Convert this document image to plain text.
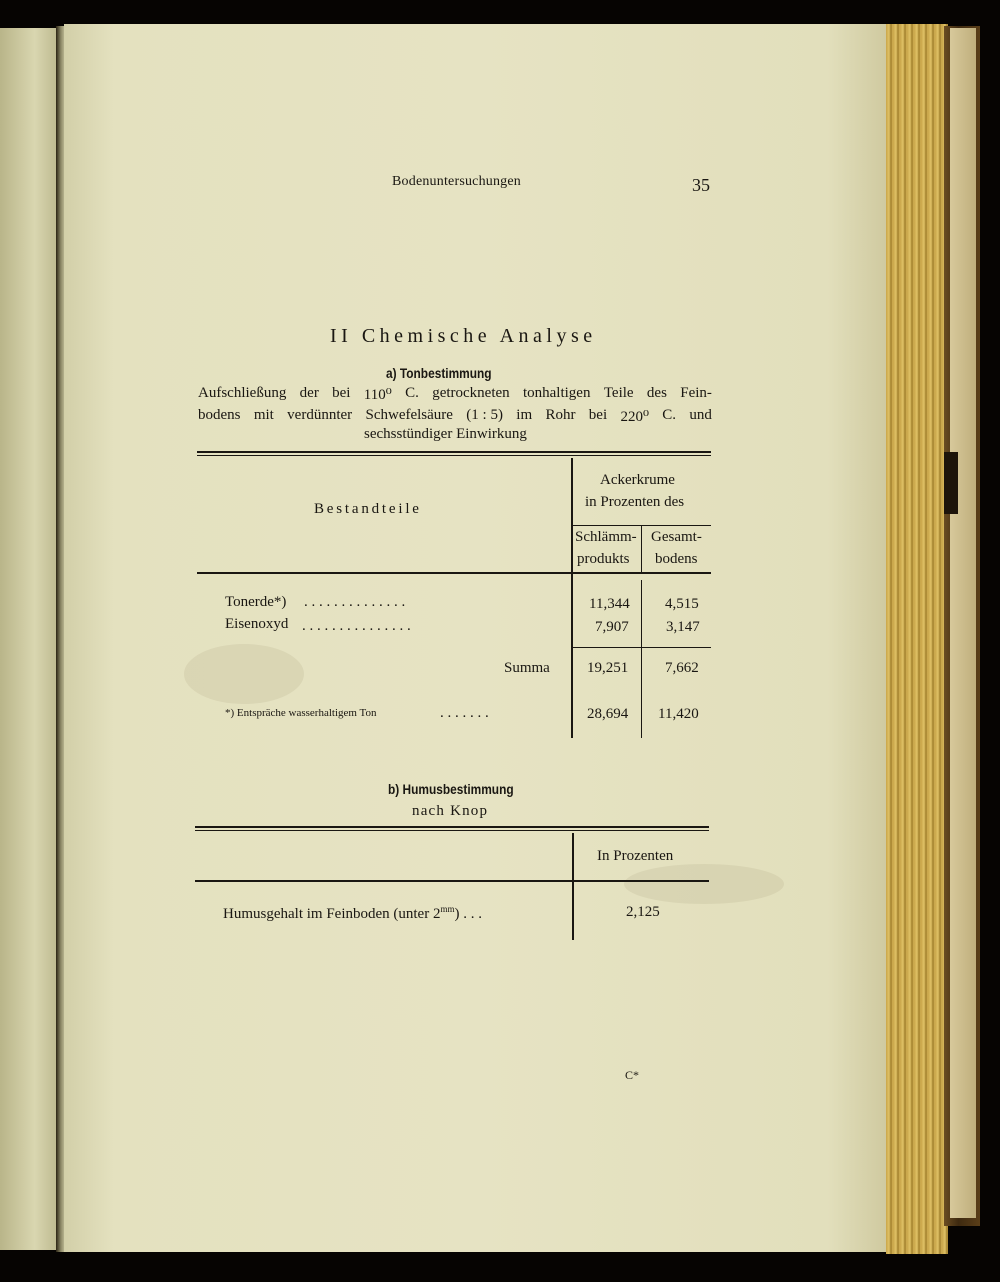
Bodenuntersuchungen	35
II Chemische Analyse
a) Tonbestimmung
Aufschließung der bei 110⁰ C. getrockneten tonhaltigen Teile des Fein-
bodens mit verdünnter Schwefelsäure (1 : 5) im Rohr bei 220⁰ C. und
sechsstündiger Einwirkung
Bestandteile
Ackerkrume
in Prozenten des
Schlämm-
produkts
Gesamt-
bodens
Tonerde*) . . . . . . . . . . . . . .	11,344 4,515
Eisenoxyd . . . . . . . . . . . . . . .	7,907 3,147
Summa 19,251 7,662
*) Entspräche wasserhaltigem Ton	. . . . . . .	28,694 11,420
b) Humusbestimmung
nach Knop
In Prozenten
Humusgehalt im Feinboden (unter $2^{mm}$) . . .	2,125
C*
